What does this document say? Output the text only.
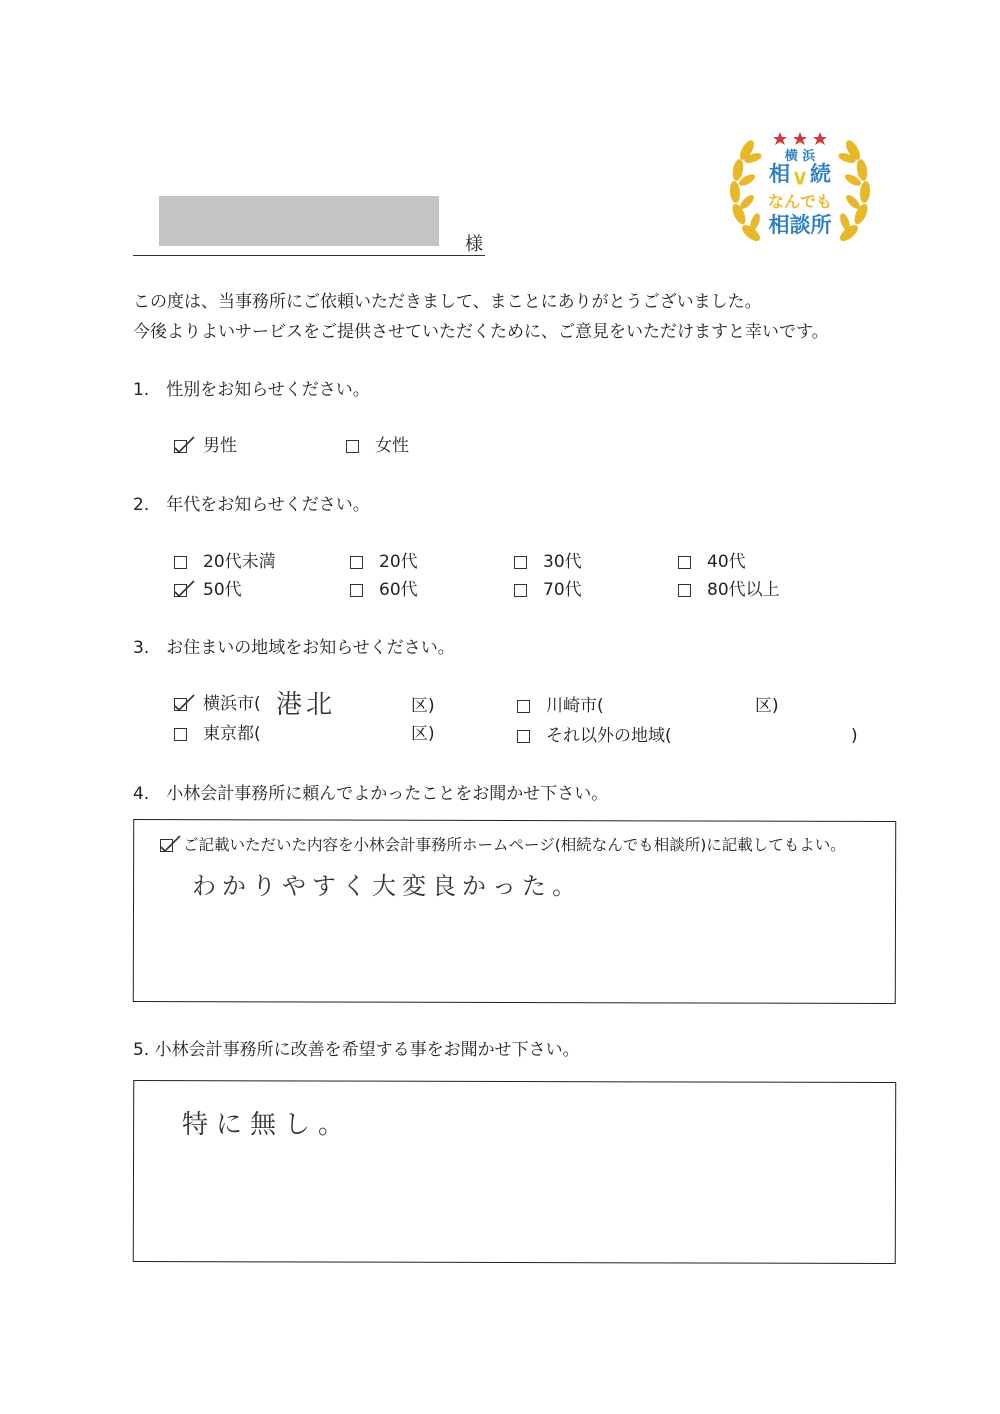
様
横 浜
相 続
なんでも
相談所
この度は、当事務所にご依頼いただきまして、まことにありがとうございました。
今後よりよいサービスをご提供させていただくために、ご意見をいただけますと幸いです。
1.　性別をお知らせください。
男性	女性
2.　年代をお知らせください。
20代未満	20代	30代	40代
50代	60代	70代	80代以上
3.　お住まいの地域をお知らせください。
横浜市( 港北	区)	川崎市(	区)
東京都(	区)	それ以外の地域(	)
4.　小林会計事務所に頼んでよかったことをお聞かせ下さい。
ご記載いただいた内容を小林会計事務所ホームページ(相続なんでも相談所)に記載してもよい。
わかりやすく大変良かった。
5. 小林会計事務所に改善を希望する事をお聞かせ下さい。
特に無し。
